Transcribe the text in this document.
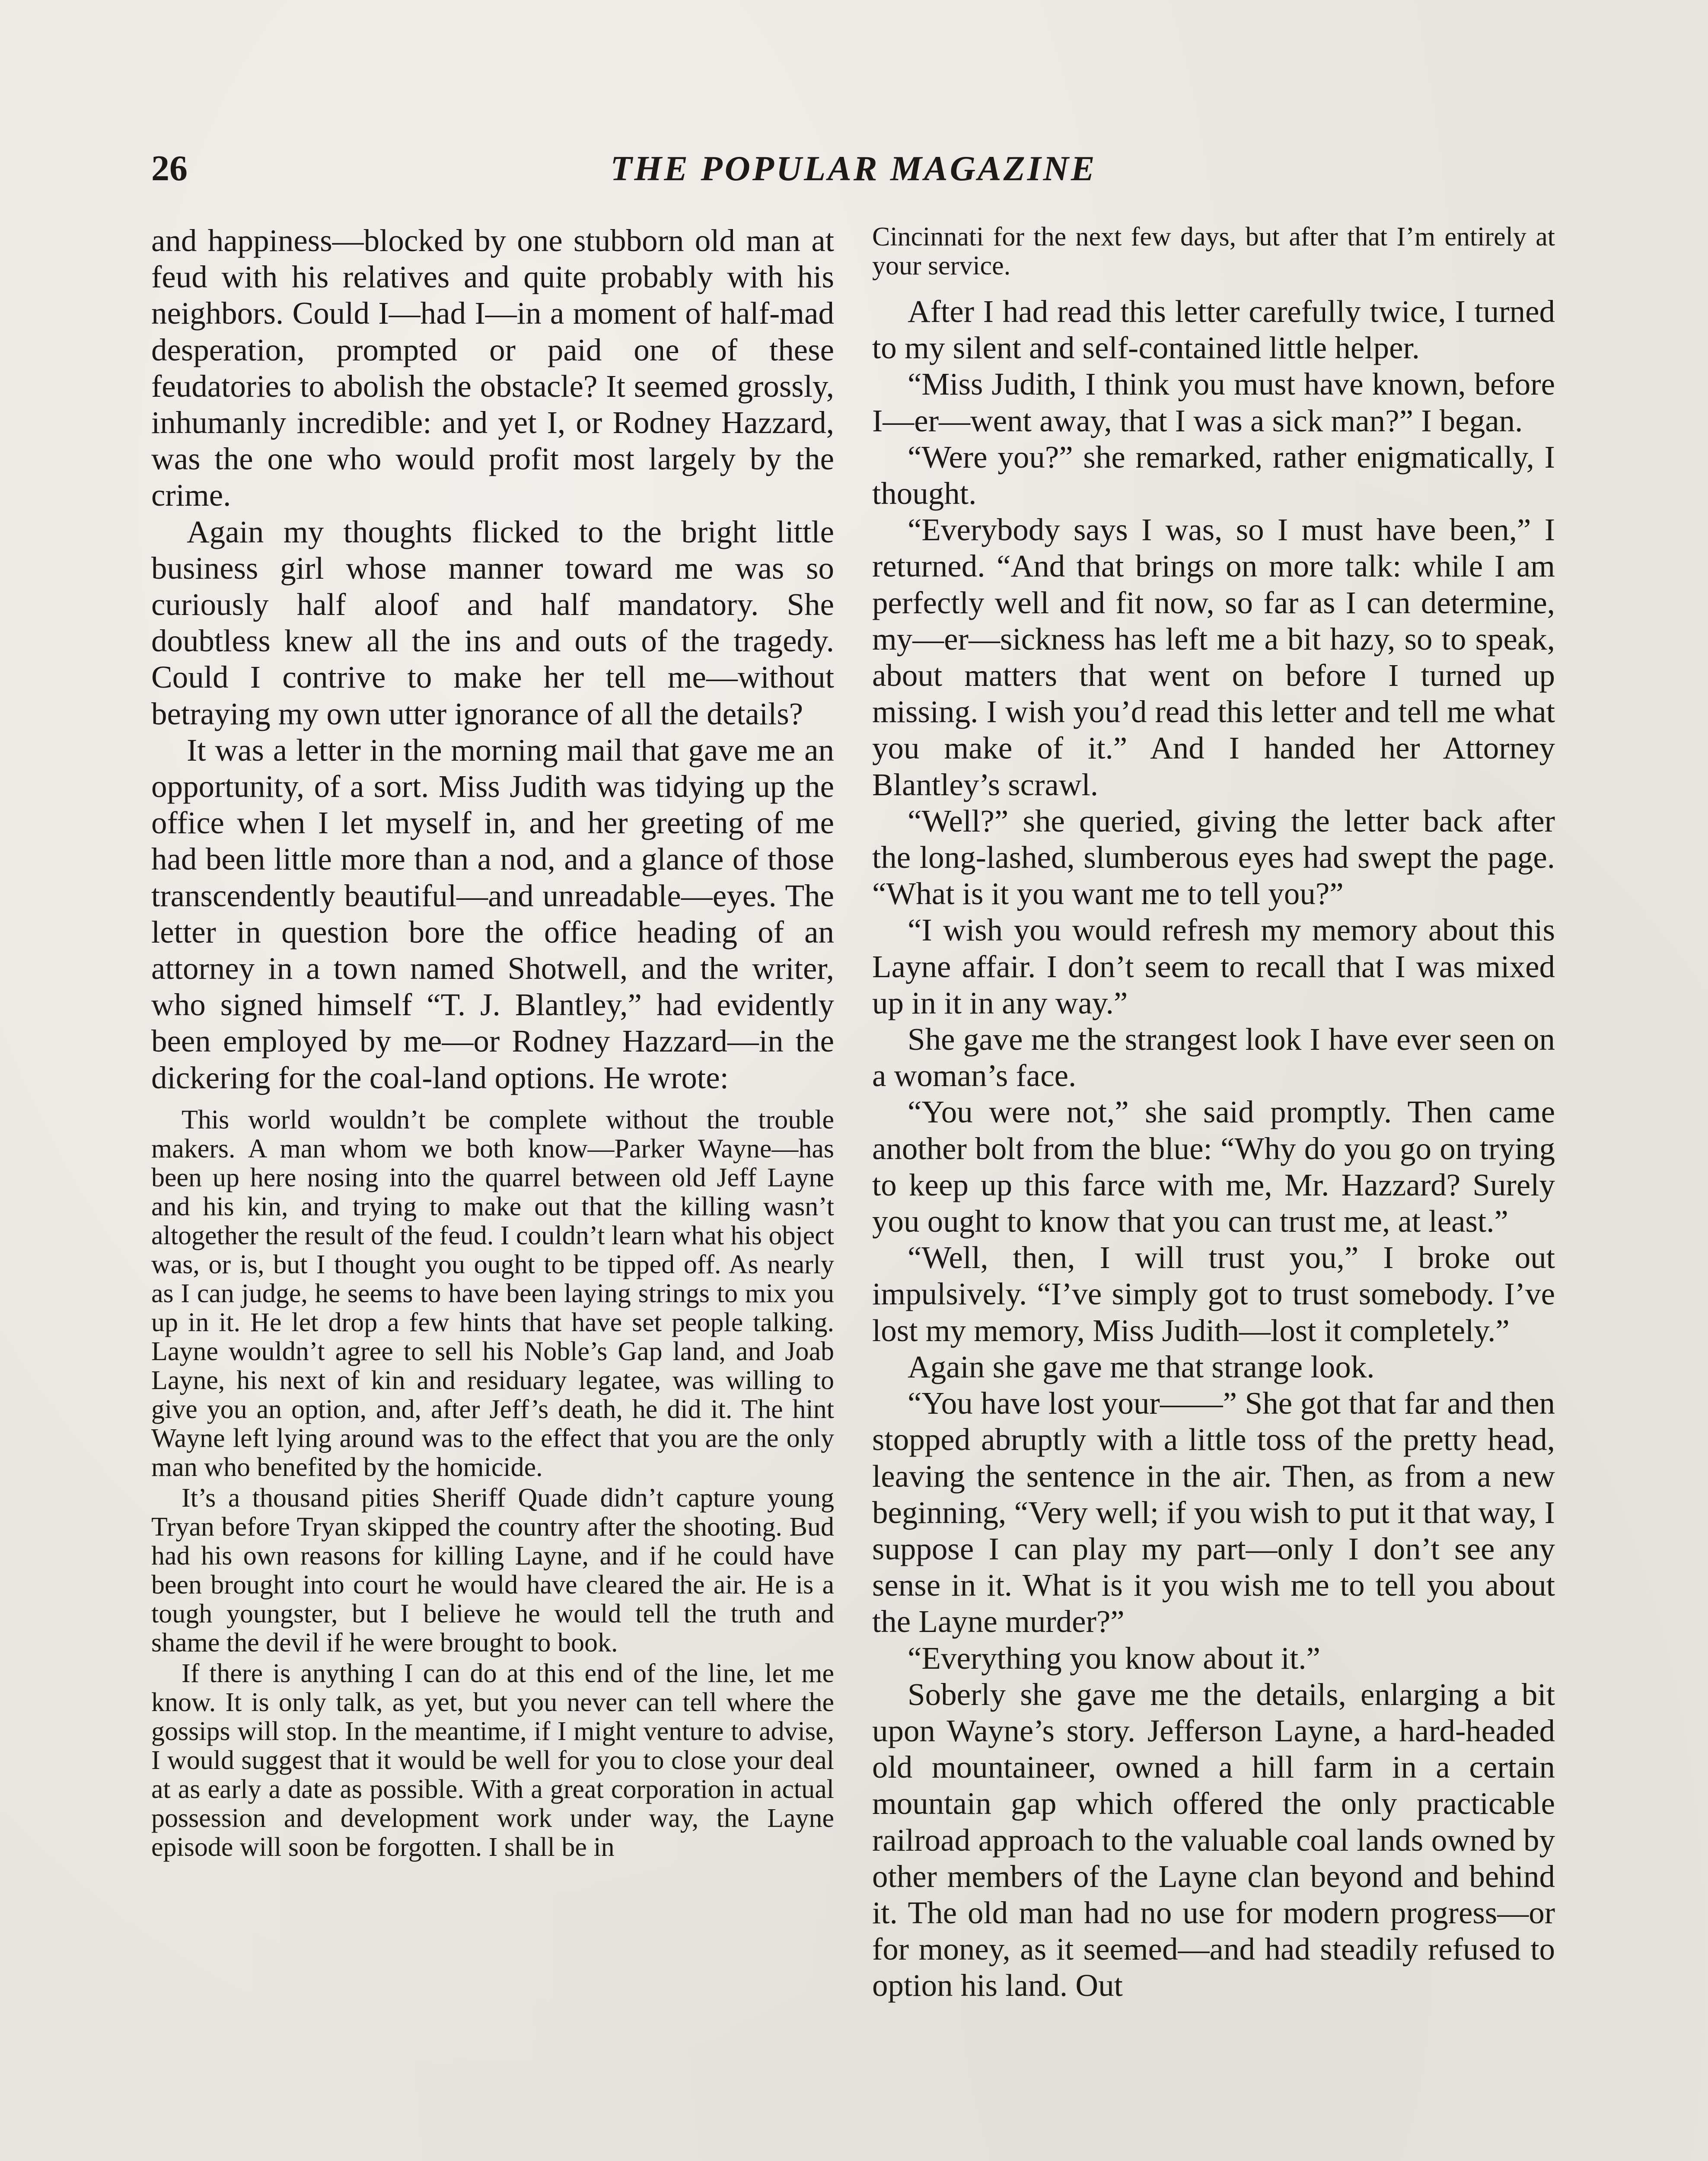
26	THE POPULAR MAGAZINE

and happiness—blocked by one stubborn old man at feud with his relatives and quite probably with his neighbors. Could I—had I—in a moment of half-mad desperation, prompted or paid one of these feudatories to abolish the obstacle? It seemed grossly, inhumanly incredible: and yet I, or Rodney Hazzard, was the one who would profit most largely by the crime.

Again my thoughts flicked to the bright little business girl whose manner toward me was so curiously half aloof and half mandatory. She doubtless knew all the ins and outs of the tragedy. Could I contrive to make her tell me—without betraying my own utter ignorance of all the details?

It was a letter in the morning mail that gave me an opportunity, of a sort. Miss Judith was tidying up the office when I let myself in, and her greeting of me had been little more than a nod, and a glance of those transcendently beautiful—and unreadable—eyes. The letter in question bore the office heading of an attorney in a town named Shotwell, and the writer, who signed himself “T. J. Blantley,” had evidently been employed by me—or Rodney Hazzard—in the dickering for the coal-land options. He wrote:

This world wouldn’t be complete without the trouble makers. A man whom we both know—Parker Wayne—has been up here nosing into the quarrel between old Jeff Layne and his kin, and trying to make out that the killing wasn’t altogether the result of the feud. I couldn’t learn what his object was, or is, but I thought you ought to be tipped off. As nearly as I can judge, he seems to have been laying strings to mix you up in it. He let drop a few hints that have set people talking. Layne wouldn’t agree to sell his Noble’s Gap land, and Joab Layne, his next of kin and residuary legatee, was willing to give you an option, and, after Jeff’s death, he did it. The hint Wayne left lying around was to the effect that you are the only man who benefited by the homicide.

It’s a thousand pities Sheriff Quade didn’t capture young Tryan before Tryan skipped the country after the shooting. Bud had his own reasons for killing Layne, and if he could have been brought into court he would have cleared the air. He is a tough youngster, but I believe he would tell the truth and shame the devil if he were brought to book.

If there is anything I can do at this end of the line, let me know. It is only talk, as yet, but you never can tell where the gossips will stop. In the meantime, if I might venture to advise, I would suggest that it would be well for you to close your deal at as early a date as possible. With a great corporation in actual possession and development work under way, the Layne episode will soon be forgotten. I shall be in

Cincinnati for the next few days, but after that I’m entirely at your service.

After I had read this letter carefully twice, I turned to my silent and self-contained little helper.

“Miss Judith, I think you must have known, before I—er—went away, that I was a sick man?” I began.

“Were you?” she remarked, rather enigmatically, I thought.

“Everybody says I was, so I must have been,” I returned. “And that brings on more talk: while I am perfectly well and fit now, so far as I can determine, my—er—sickness has left me a bit hazy, so to speak, about matters that went on before I turned up missing. I wish you’d read this letter and tell me what you make of it.” And I handed her Attorney Blantley’s scrawl.

“Well?” she queried, giving the letter back after the long-lashed, slumberous eyes had swept the page. “What is it you want me to tell you?”

“I wish you would refresh my memory about this Layne affair. I don’t seem to recall that I was mixed up in it in any way.”

She gave me the strangest look I have ever seen on a woman’s face.

“You were not,” she said promptly. Then came another bolt from the blue: “Why do you go on trying to keep up this farce with me, Mr. Hazzard? Surely you ought to know that you can trust me, at least.”

“Well, then, I will trust you,” I broke out impulsively. “I’ve simply got to trust somebody. I’ve lost my memory, Miss Judith—lost it completely.”

Again she gave me that strange look.

“You have lost your——” She got that far and then stopped abruptly with a little toss of the pretty head, leaving the sentence in the air. Then, as from a new beginning, “Very well; if you wish to put it that way, I suppose I can play my part—only I don’t see any sense in it. What is it you wish me to tell you about the Layne murder?”

“Everything you know about it.”

Soberly she gave me the details, enlarging a bit upon Wayne’s story. Jefferson Layne, a hard-headed old mountaineer, owned a hill farm in a certain mountain gap which offered the only practicable railroad approach to the valuable coal lands owned by other members of the Layne clan beyond and behind it. The old man had no use for modern progress—or for money, as it seemed—and had steadily refused to option his land. Out
